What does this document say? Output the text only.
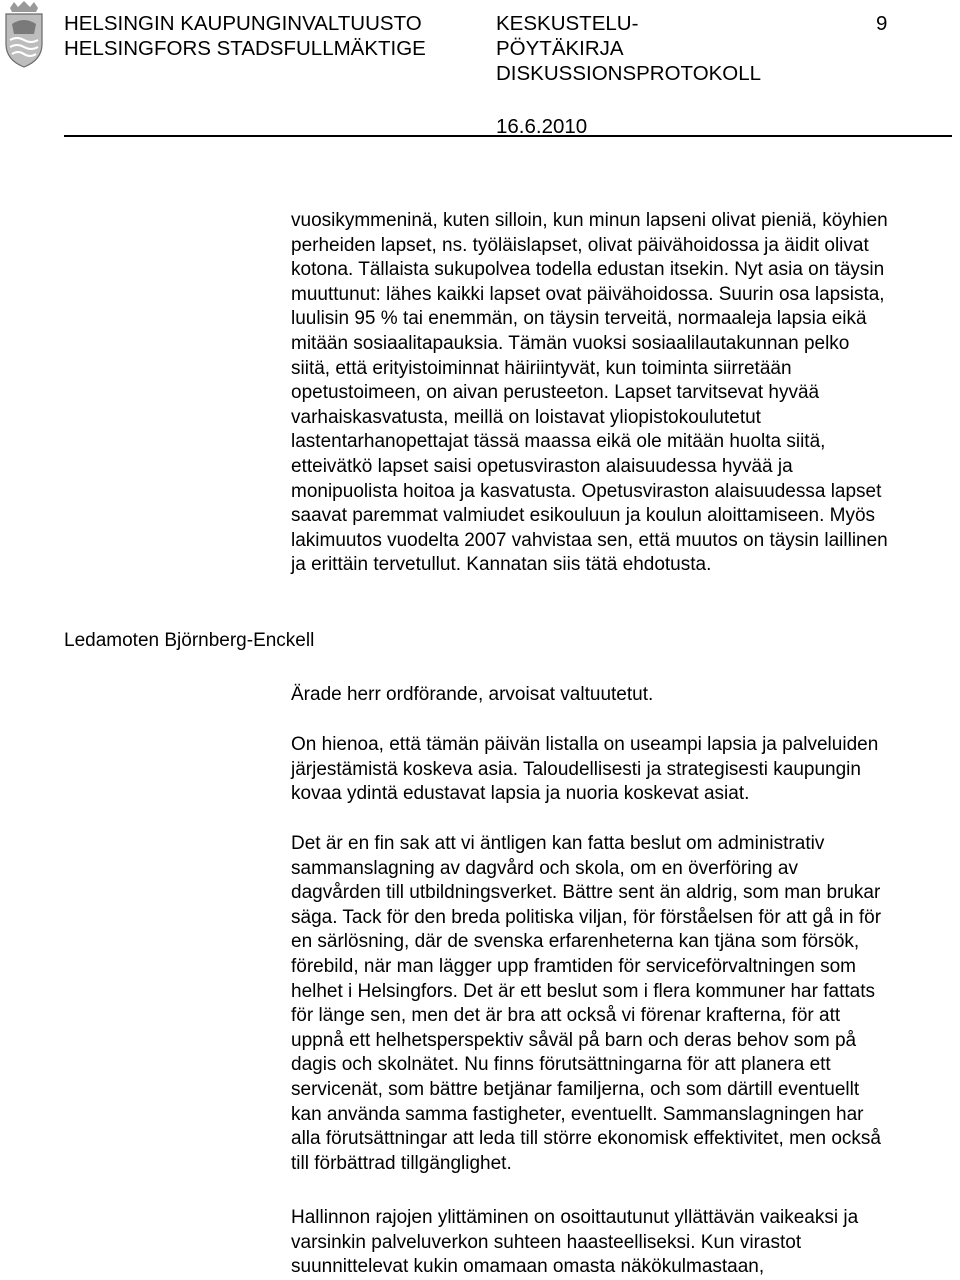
HELSINGIN KAUPUNGINVALTUUSTO
HELSINGFORS STADSFULLMÄKTIGE
KESKUSTELU-
PÖYTÄKIRJA
DISKUSSIONSPROTOKOLL
9
16.6.2010
vuosikymmeninä, kuten silloin, kun minun lapseni olivat pieniä, köyhien
perheiden lapset, ns. työläislapset, olivat päivähoidossa ja äidit olivat
kotona. Tällaista sukupolvea todella edustan itsekin. Nyt asia on täysin
muuttunut: lähes kaikki lapset ovat päivähoidossa. Suurin osa lapsista,
luulisin 95 % tai enemmän, on täysin terveitä, normaaleja lapsia eikä
mitään sosiaalitapauksia. Tämän vuoksi sosiaalilautakunnan pelko
siitä, että erityistoiminnat häiriintyvät, kun toiminta siirretään
opetustoimeen, on aivan perusteeton. Lapset tarvitsevat hyvää
varhaiskasvatusta, meillä on loistavat yliopistokoulutetut
lastentarhanopettajat tässä maassa eikä ole mitään huolta siitä,
etteivätkö lapset saisi opetusviraston alaisuudessa hyvää ja
monipuolista hoitoa ja kasvatusta. Opetusviraston alaisuudessa lapset
saavat paremmat valmiudet esikouluun ja koulun aloittamiseen. Myös
lakimuutos vuodelta 2007 vahvistaa sen, että muutos on täysin laillinen
ja erittäin tervetullut. Kannatan siis tätä ehdotusta.
Ledamoten Björnberg-Enckell
Ärade herr ordförande, arvoisat valtuutetut.
On hienoa, että tämän päivän listalla on useampi lapsia ja palveluiden
järjestämistä koskeva asia. Taloudellisesti ja strategisesti kaupungin
kovaa ydintä edustavat lapsia ja nuoria koskevat asiat.
Det är en fin sak att vi äntligen kan fatta beslut om administrativ
sammanslagning av dagvård och skola, om en överföring av
dagvården till utbildningsverket. Bättre sent än aldrig, som man brukar
säga. Tack för den breda politiska viljan, för förståelsen för att gå in för
en särlösning, där de svenska erfarenheterna kan tjäna som försök,
förebild, när man lägger upp framtiden för serviceförvaltningen som
helhet i Helsingfors. Det är ett beslut som i flera kommuner har fattats
för länge sen, men det är bra att också vi förenar krafterna, för att
uppnå ett helhetsperspektiv såväl på barn och deras behov som på
dagis och skolnätet. Nu finns förutsättningarna för att planera ett
servicenät, som bättre betjänar familjerna, och som därtill eventuellt
kan använda samma fastigheter, eventuellt. Sammanslagningen har
alla förutsättningar att leda till större ekonomisk effektivitet, men också
till förbättrad tillgänglighet.
Hallinnon rajojen ylittäminen on osoittautunut yllättävän vaikeaksi ja
varsinkin palveluverkon suhteen haasteelliseksi. Kun virastot
suunnittelevat kukin omamaan omasta näkökulmastaan,
